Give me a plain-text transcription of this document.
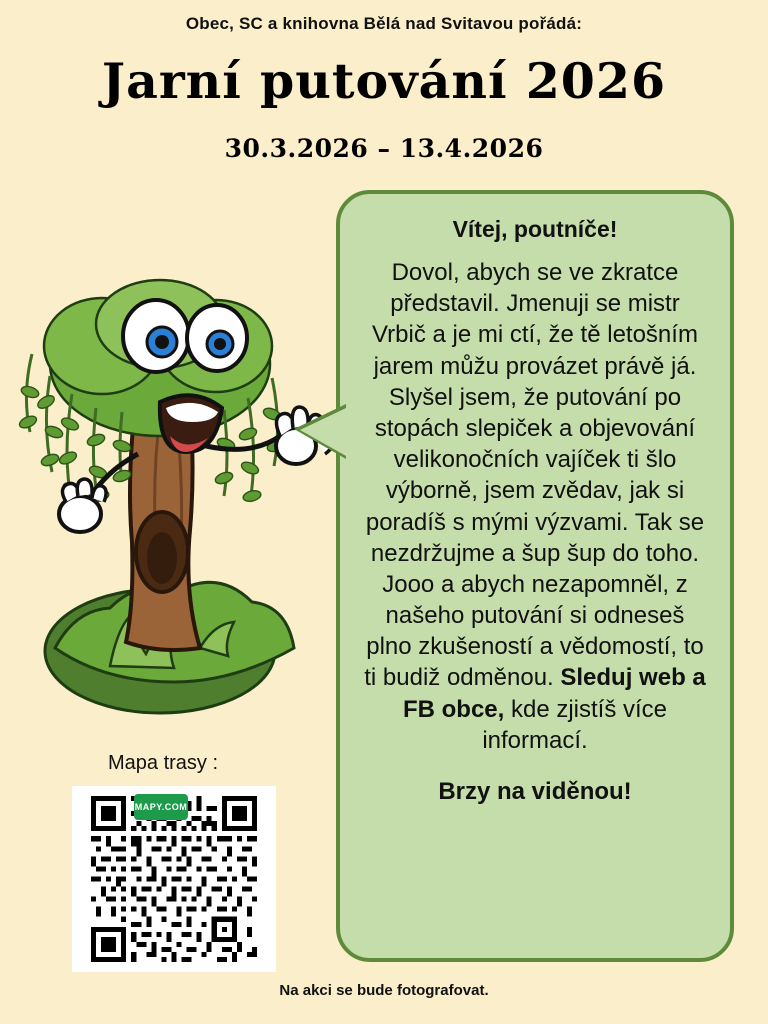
Obec, SC a knihovna Bělá nad Svitavou pořádá:
Jarní putování 2026
30.3.2026 – 13.4.2026
Vítej, poutníče!
Dovol, abych se ve zkratce představil. Jmenuji se mistr Vrbič a je mi ctí, že tě letošním jarem můžu provázet právě já. Slyšel jsem, že putování po stopách slepiček a objevování velikonočních vajíček ti šlo výborně, jsem zvědav, jak si poradíš s mými výzvami. Tak se nezdržujme a šup šup do toho. Jooo a abych nezapomněl, z našeho putování si odneseš plno zkušeností a vědomostí, to ti budiž odměnou. Sleduj web a FB obce, kde zjistíš více informací.
Brzy na viděnou!
Mapa trasy :
MAPY.COM
Na akci se bude fotografovat.
